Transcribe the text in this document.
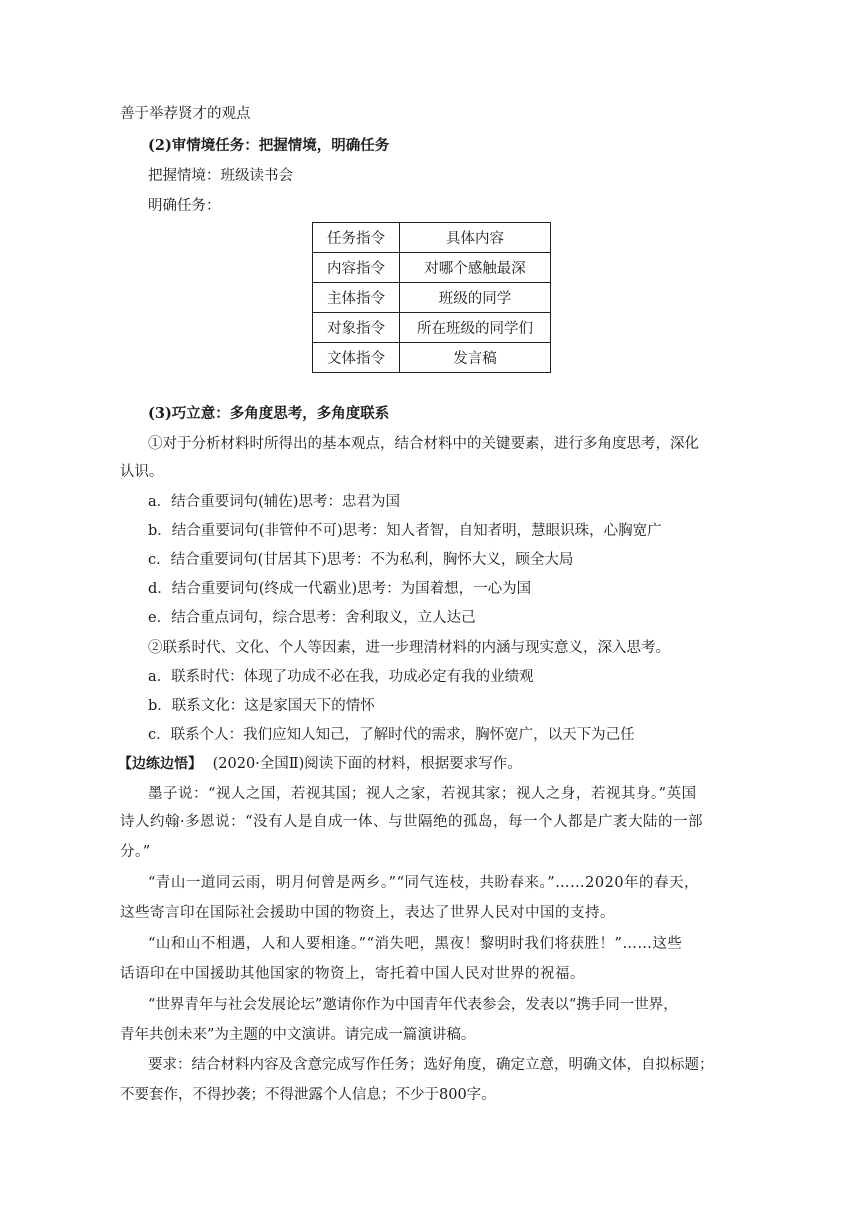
善于举荐贤才的观点
(2)审情境任务：把握情境，明确任务
把握情境：班级读书会
明确任务：
任务指令	具体内容
内容指令	对哪个感触最深
主体指令	班级的同学
对象指令	所在班级的同学们
文体指令	发言稿
(3)巧立意：多角度思考，多角度联系
①对于分析材料时所得出的基本观点，结合材料中的关键要素，进行多角度思考，深化
认识。
a．结合重要词句(辅佐)思考：忠君为国
b．结合重要词句(非管仲不可)思考：知人者智，自知者明，慧眼识珠，心胸宽广
c．结合重要词句(甘居其下)思考：不为私利，胸怀大义，顾全大局
d．结合重要词句(终成一代霸业)思考：为国着想，一心为国
e．结合重点词句，综合思考：舍利取义，立人达己
②联系时代、文化、个人等因素，进一步理清材料的内涵与现实意义，深入思考。
a．联系时代：体现了功成不必在我，功成必定有我的业绩观
b．联系文化：这是家国天下的情怀
c．联系个人：我们应知人知己，了解时代的需求，胸怀宽广，以天下为己任
【边练边悟】 (2020·全国Ⅱ)阅读下面的材料，根据要求写作。
墨子说：“视人之国，若视其国；视人之家，若视其家；视人之身，若视其身。”英国
诗人约翰·多恩说：“没有人是自成一体、与世隔绝的孤岛，每一个人都是广袤大陆的一部
分。”
“青山一道同云雨，明月何曾是两乡。”“同气连枝，共盼春来。”……2020年的春天，
这些寄言印在国际社会援助中国的物资上，表达了世界人民对中国的支持。
“山和山不相遇，人和人要相逢。”“消失吧，黑夜！黎明时我们将获胜！”……这些
话语印在中国援助其他国家的物资上，寄托着中国人民对世界的祝福。
“世界青年与社会发展论坛”邀请你作为中国青年代表参会，发表以“携手同一世界，
青年共创未来”为主题的中文演讲。请完成一篇演讲稿。
要求：结合材料内容及含意完成写作任务；选好角度，确定立意，明确文体，自拟标题；
不要套作，不得抄袭；不得泄露个人信息；不少于800字。
